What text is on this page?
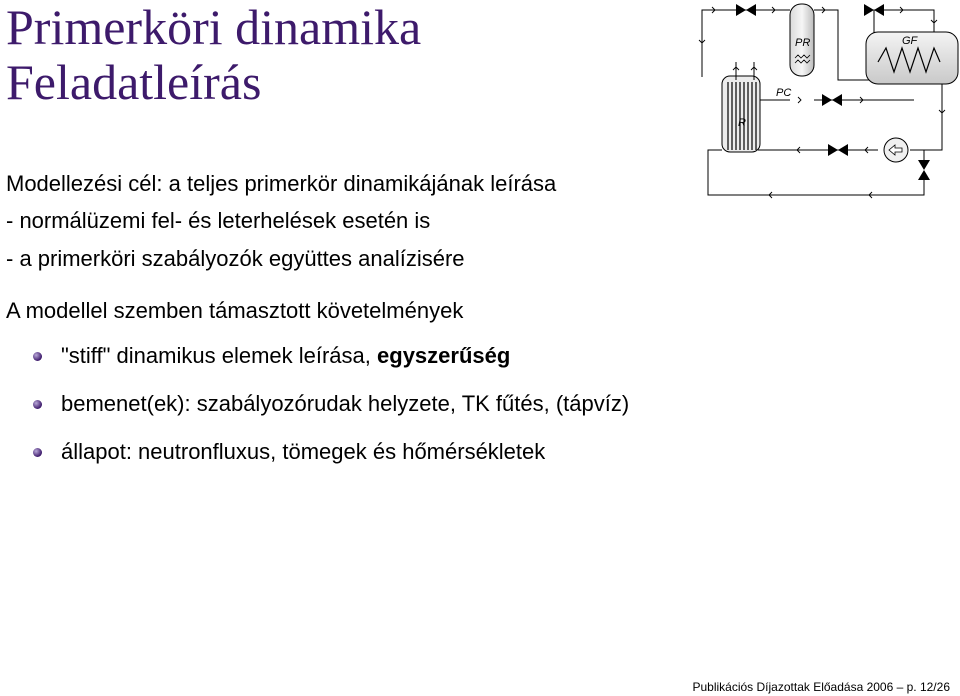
Primerköri dinamika
Feladatleírás
R
PR
PC
GF
Modellezési cél: a teljes primerkör dinamikájának leírása
- normálüzemi fel- és leterhelések esetén is
- a primerköri szabályozók együttes analízisére
A modellel szemben támasztott követelmények
"stiff" dinamikus elemek leírása, egyszerűség
bemenet(ek): szabályozórudak helyzete, TK fűtés, (tápvíz)
állapot: neutronfluxus, tömegek és hőmérsékletek
Publikációs Díjazottak Előadása 2006 – p. 12/26
